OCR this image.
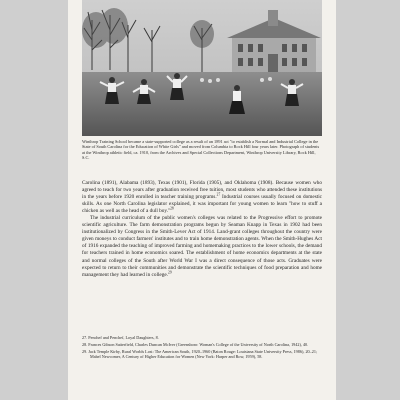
Winthrop Training School became a state-supported college as a result of an 1891 act "to establish a Normal and Industrial College in the State of South Carolina for the Education of White Girls" and moved from Columbia to Rock Hill four years later. Photograph of students at the Winthrop athletic field, ca. 1910, from the Archives and Special Collections Department, Winthrop University Library, Rock Hill, S.C.

Carolina (1891), Alabama (1893), Texas (1901), Florida (1905), and Oklahoma (1908). Because women who agreed to teach for two years after graduation received free tuition, most students who attended these institutions in the years before 1920 enrolled in teacher training programs.$^{27}$ Industrial courses usually focused on domestic skills. As one North Carolina legislator explained, it was important for young women to learn "how to stuff a chicken as well as the head of a dull boy."$^{28}$

The industrial curriculum of the public women's colleges was related to the Progressive effort to promote scientific agriculture. The farm demonstration programs begun by Seaman Knapp in Texas in 1902 had been institutionalized by Congress in the Smith-Lever Act of 1914. Land-grant colleges throughout the country were given moneys to conduct farmers' institutes and to train home demonstration agents. When the Smith-Hughes Act of 1916 expanded the teaching of improved farming and homemaking practices to the lower schools, the demand for teachers trained in home economics soared. The establishment of home economics departments at the state and normal colleges of the South after World War I was a direct consequence of those acts. Graduates were expected to return to their communities and demonstrate the scientific techniques of food preparation and home management they had learned in college.$^{29}$

27. Penchef and Penchef, Loyal Daughters, 8.
28. Frances Gibson Satterfield, Charles Duncan McIver (Greensboro: Woman's College of the University of North Carolina, 1942), 40.
29. Jack Temple Kirby, Rural Worlds Lost: The American South, 1920–1960 (Baton Rouge: Louisiana State University Press, 1986), 20–21; Mabel Newcomer, A Century of Higher Education for Women (New York: Harper and Row, 1959), 58.
